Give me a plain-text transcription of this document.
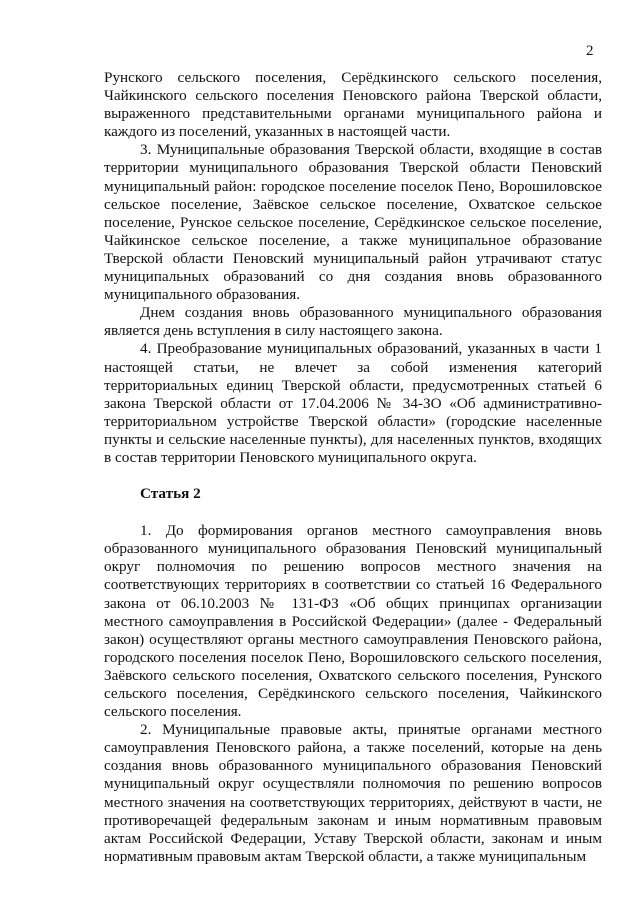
2

Рунского сельского поселения, Серёдкинского сельского поселения, Чайкинского сельского поселения Пеновского района Тверской области, выраженного представительными органами муниципального района и каждого из поселений, указанных в настоящей части.

3. Муниципальные образования Тверской области, входящие в состав территории муниципального образования Тверской области Пеновский муниципальный район: городское поселение поселок Пено, Ворошиловское сельское поселение, Заёвское сельское поселение, Охватское сельское поселение, Рунское сельское поселение, Серёдкинское сельское поселение, Чайкинское сельское поселение, а также муниципальное образование Тверской области Пеновский муниципальный район утрачивают статус муниципальных образований со дня создания вновь образованного муниципального образования.

Днем создания вновь образованного муниципального образования является день вступления в силу настоящего закона.

4. Преобразование муниципальных образований, указанных в части 1 настоящей статьи, не влечет за собой изменения категорий территориальных единиц Тверской области, предусмотренных статьей 6 закона Тверской области от 17.04.2006 № 34-ЗО «Об административно-территориальном устройстве Тверской области» (городские населенные пункты и сельские населенные пункты), для населенных пунктов, входящих в состав территории Пеновского муниципального округа.

Статья 2

1. До формирования органов местного самоуправления вновь образованного муниципального образования Пеновский муниципальный округ полномочия по решению вопросов местного значения на соответствующих территориях в соответствии со статьей 16 Федерального закона от 06.10.2003 № 131-ФЗ «Об общих принципах организации местного самоуправления в Российской Федерации» (далее - Федеральный закон) осуществляют органы местного самоуправления Пеновского района, городского поселения поселок Пено, Ворошиловского сельского поселения, Заёвского сельского поселения, Охватского сельского поселения, Рунского сельского поселения, Серёдкинского сельского поселения, Чайкинского сельского поселения.

2. Муниципальные правовые акты, принятые органами местного самоуправления Пеновского района, а также поселений, которые на день создания вновь образованного муниципального образования Пеновский муниципальный округ осуществляли полномочия по решению вопросов местного значения на соответствующих территориях, действуют в части, не противоречащей федеральным законам и иным нормативным правовым актам Российской Федерации, Уставу Тверской области, законам и иным нормативным правовым актам Тверской области, а также муниципальным
